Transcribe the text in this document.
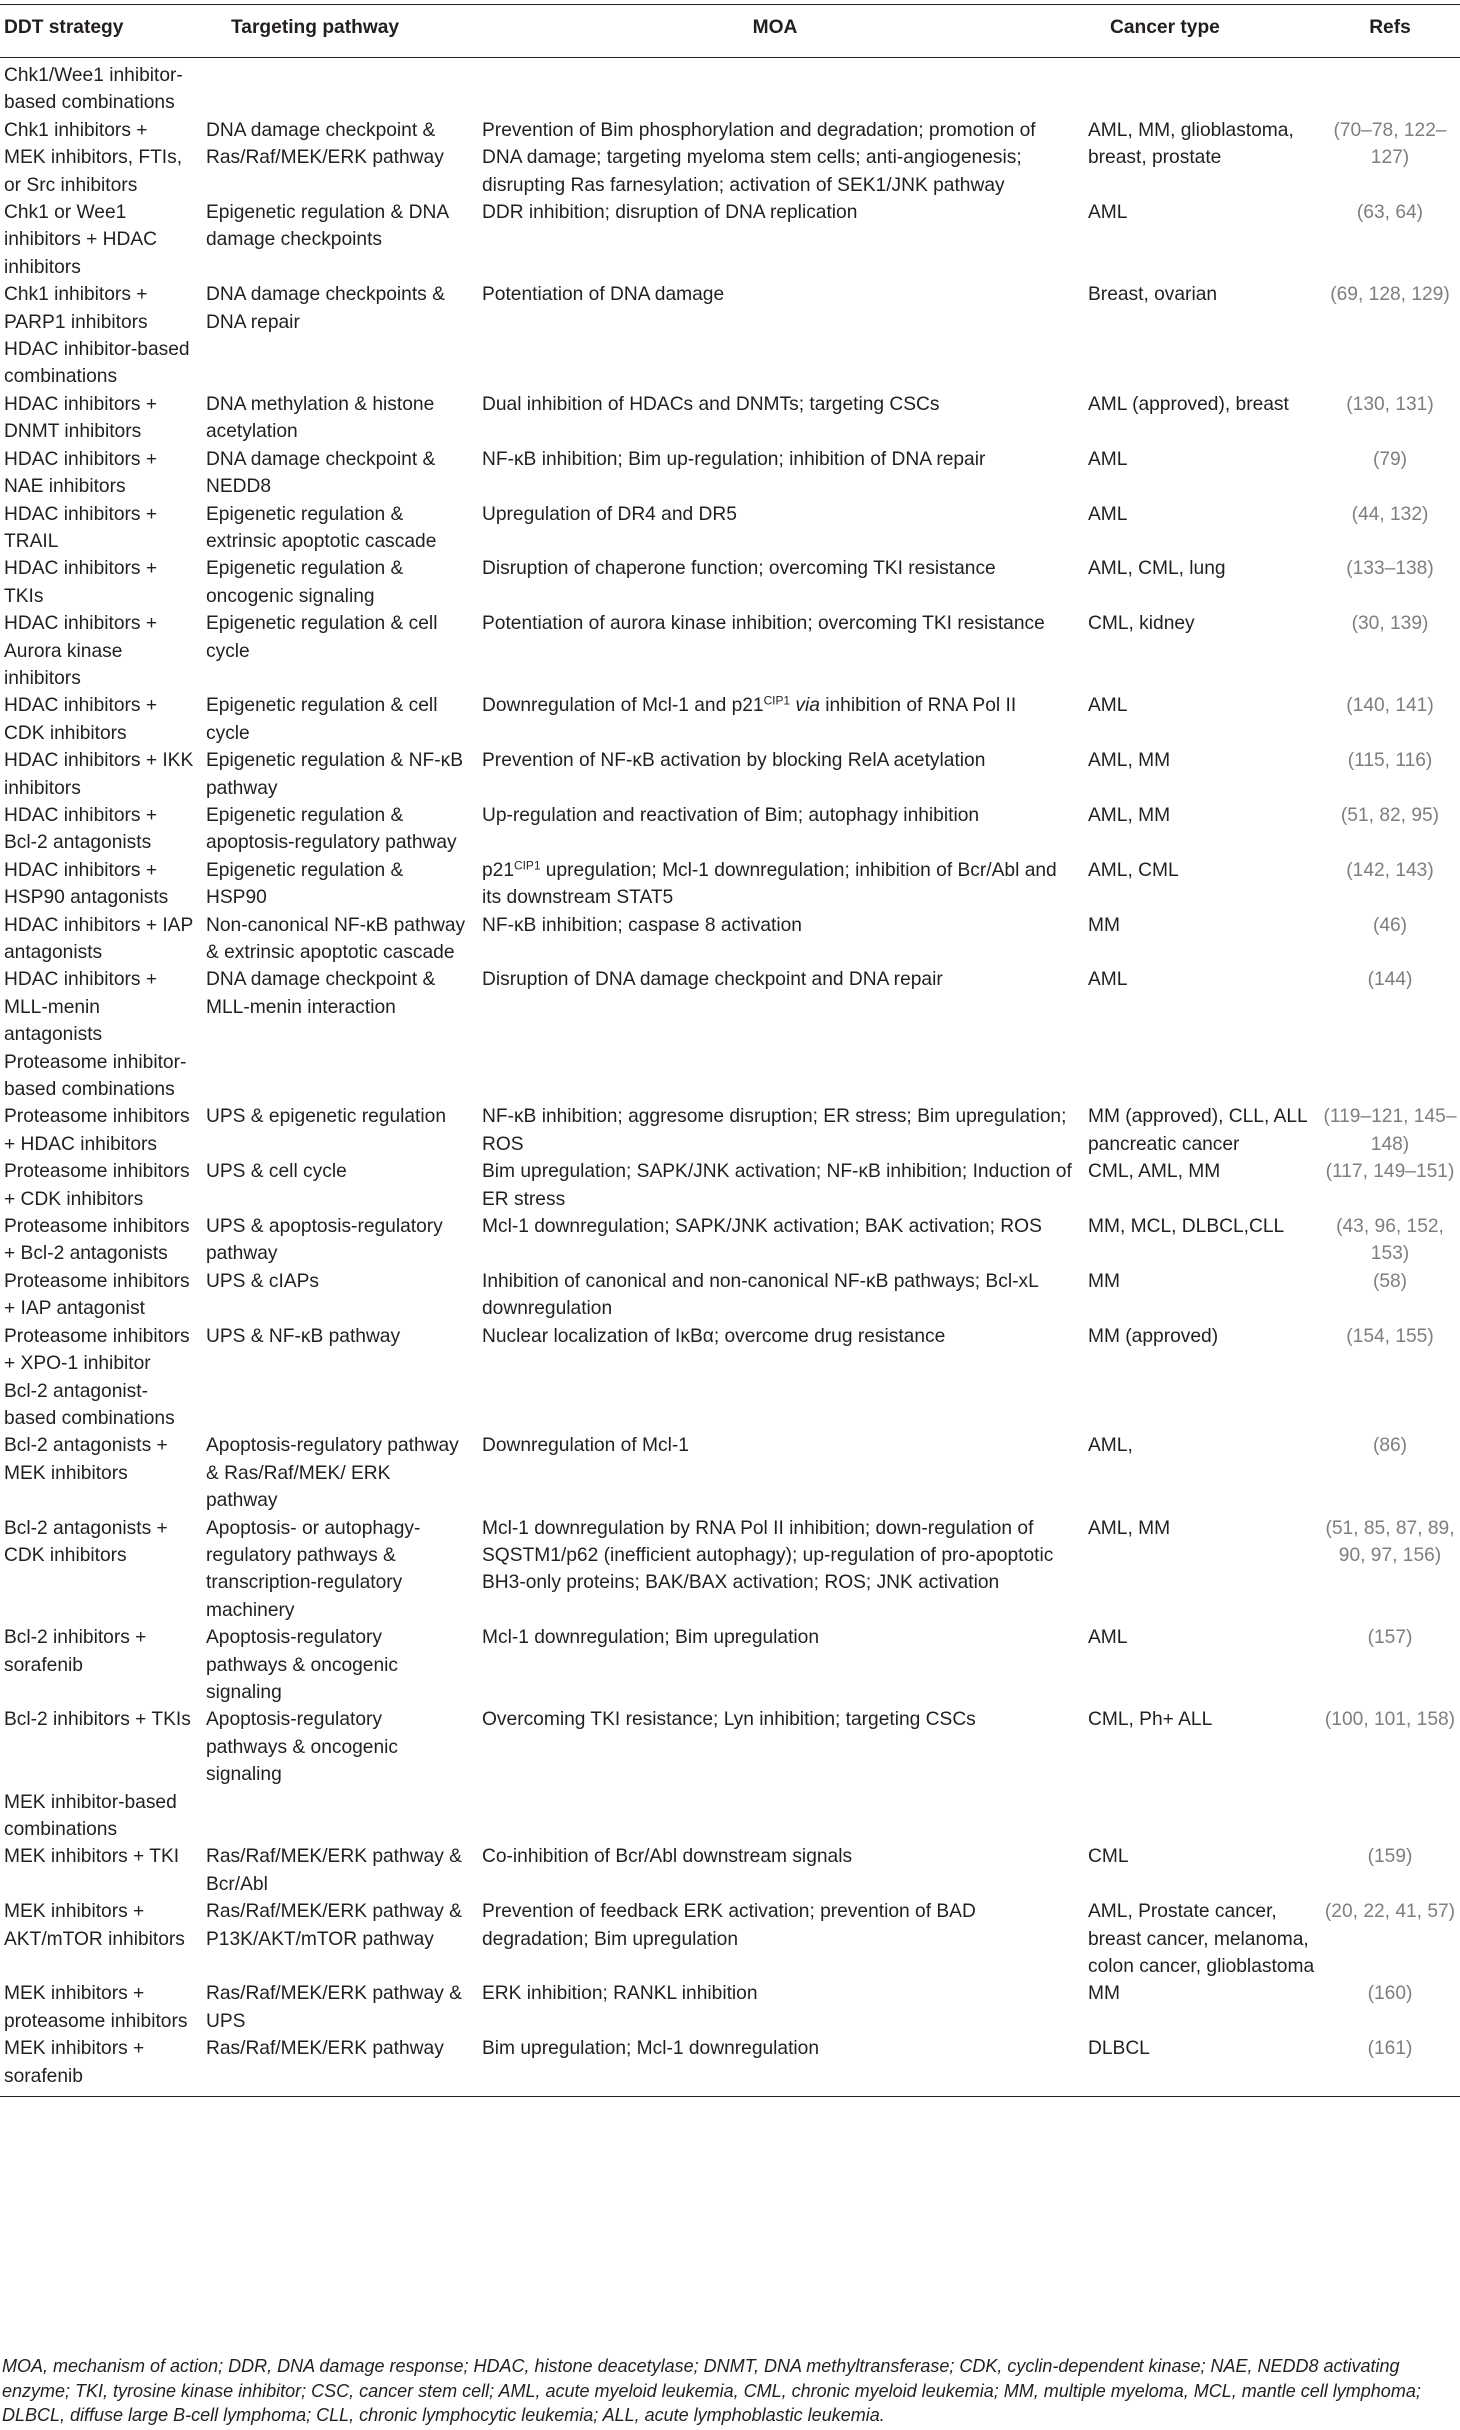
DDT strategy	Targeting pathway	MOA	Cancer type	Refs
Chk1/Wee1 inhibitor-based combinations				
Chk1 inhibitors + MEK inhibitors, FTIs, or Src inhibitors	DNA damage checkpoint & Ras/Raf/MEK/ERK pathway	Prevention of Bim phosphorylation and degradation; promotion of DNA damage; targeting myeloma stem cells; anti-angiogenesis; disrupting Ras farnesylation; activation of SEK1/JNK pathway	AML, MM, glioblastoma, breast, prostate	(70–78, 122–127)
Chk1 or Wee1 inhibitors + HDAC inhibitors	Epigenetic regulation & DNA damage checkpoints	DDR inhibition; disruption of DNA replication	AML	(63, 64)
Chk1 inhibitors + PARP1 inhibitors	DNA damage checkpoints & DNA repair	Potentiation of DNA damage	Breast, ovarian	(69, 128, 129)
HDAC inhibitor-based combinations				
HDAC inhibitors + DNMT inhibitors	DNA methylation & histone acetylation	Dual inhibition of HDACs and DNMTs; targeting CSCs	AML (approved), breast	(130, 131)
HDAC inhibitors + NAE inhibitors	DNA damage checkpoint & NEDD8	NF-κB inhibition; Bim up-regulation; inhibition of DNA repair	AML	(79)
HDAC inhibitors + TRAIL	Epigenetic regulation & extrinsic apoptotic cascade	Upregulation of DR4 and DR5	AML	(44, 132)
HDAC inhibitors + TKIs	Epigenetic regulation & oncogenic signaling	Disruption of chaperone function; overcoming TKI resistance	AML, CML, lung	(133–138)
HDAC inhibitors + Aurora kinase inhibitors	Epigenetic regulation & cell cycle	Potentiation of aurora kinase inhibition; overcoming TKI resistance	CML, kidney	(30, 139)
HDAC inhibitors + CDK inhibitors	Epigenetic regulation & cell cycle	Downregulation of Mcl-1 and $p21^{CIP1}$ via inhibition of RNA Pol II	AML	(140, 141)
HDAC inhibitors + IKK inhibitors	Epigenetic regulation & NF-κB pathway	Prevention of NF-κB activation by blocking RelA acetylation	AML, MM	(115, 116)
HDAC inhibitors + Bcl-2 antagonists	Epigenetic regulation & apoptosis-regulatory pathway	Up-regulation and reactivation of Bim; autophagy inhibition	AML, MM	(51, 82, 95)
HDAC inhibitors + HSP90 antagonists	Epigenetic regulation & HSP90	$p21^{CIP1}$ upregulation; Mcl-1 downregulation; inhibition of Bcr/Abl and its downstream STAT5	AML, CML	(142, 143)
HDAC inhibitors + IAP antagonists	Non-canonical NF-κB pathway & extrinsic apoptotic cascade	NF-κB inhibition; caspase 8 activation	MM	(46)
HDAC inhibitors + MLL-menin antagonists	DNA damage checkpoint & MLL-menin interaction	Disruption of DNA damage checkpoint and DNA repair	AML	(144)
Proteasome inhibitor-based combinations				
Proteasome inhibitors + HDAC inhibitors	UPS & epigenetic regulation	NF-κB inhibition; aggresome disruption; ER stress; Bim upregulation; ROS	MM (approved), CLL, ALL pancreatic cancer	(119–121, 145–148)
Proteasome inhibitors + CDK inhibitors	UPS & cell cycle	Bim upregulation; SAPK/JNK activation; NF-κB inhibition; Induction of ER stress	CML, AML, MM	(117, 149–151)
Proteasome inhibitors + Bcl-2 antagonists	UPS & apoptosis-regulatory pathway	Mcl-1 downregulation; SAPK/JNK activation; BAK activation; ROS	MM, MCL, DLBCL,CLL	(43, 96, 152, 153)
Proteasome inhibitors + IAP antagonist	UPS & cIAPs	Inhibition of canonical and non-canonical NF-κB pathways; Bcl-xL downregulation	MM	(58)
Proteasome inhibitors + XPO-1 inhibitor	UPS & NF-κB pathway	Nuclear localization of IκBα; overcome drug resistance	MM (approved)	(154, 155)
Bcl-2 antagonist-based combinations				
Bcl-2 antagonists + MEK inhibitors	Apoptosis-regulatory pathway & Ras/Raf/MEK/ ERK pathway	Downregulation of Mcl-1	AML,	(86)
Bcl-2 antagonists + CDK inhibitors	Apoptosis- or autophagy-regulatory pathways & transcription-regulatory machinery	Mcl-1 downregulation by RNA Pol II inhibition; down-regulation of SQSTM1/p62 (inefficient autophagy); up-regulation of pro-apoptotic BH3-only proteins; BAK/BAX activation; ROS; JNK activation	AML, MM	(51, 85, 87, 89, 90, 97, 156)
Bcl-2 inhibitors + sorafenib	Apoptosis-regulatory pathways & oncogenic signaling	Mcl-1 downregulation; Bim upregulation	AML	(157)
Bcl-2 inhibitors + TKIs	Apoptosis-regulatory pathways & oncogenic signaling	Overcoming TKI resistance; Lyn inhibition; targeting CSCs	CML, Ph+ ALL	(100, 101, 158)
MEK inhibitor-based combinations				
MEK inhibitors + TKI	Ras/Raf/MEK/ERK pathway & Bcr/Abl	Co-inhibition of Bcr/Abl downstream signals	CML	(159)
MEK inhibitors + AKT/mTOR inhibitors	Ras/Raf/MEK/ERK pathway & P13K/AKT/mTOR pathway	Prevention of feedback ERK activation; prevention of BAD degradation; Bim upregulation	AML, Prostate cancer, breast cancer, melanoma, colon cancer, glioblastoma	(20, 22, 41, 57)
MEK inhibitors + proteasome inhibitors	Ras/Raf/MEK/ERK pathway & UPS	ERK inhibition; RANKL inhibition	MM	(160)
MEK inhibitors + sorafenib	Ras/Raf/MEK/ERK pathway	Bim upregulation; Mcl-1 downregulation	DLBCL	(161)

MOA, mechanism of action; DDR, DNA damage response; HDAC, histone deacetylase; DNMT, DNA methyltransferase; CDK, cyclin-dependent kinase; NAE, NEDD8 activating enzyme; TKI, tyrosine kinase inhibitor; CSC, cancer stem cell; AML, acute myeloid leukemia, CML, chronic myeloid leukemia; MM, multiple myeloma, MCL, mantle cell lymphoma; DLBCL, diffuse large B-cell lymphoma; CLL, chronic lymphocytic leukemia; ALL, acute lymphoblastic leukemia.
